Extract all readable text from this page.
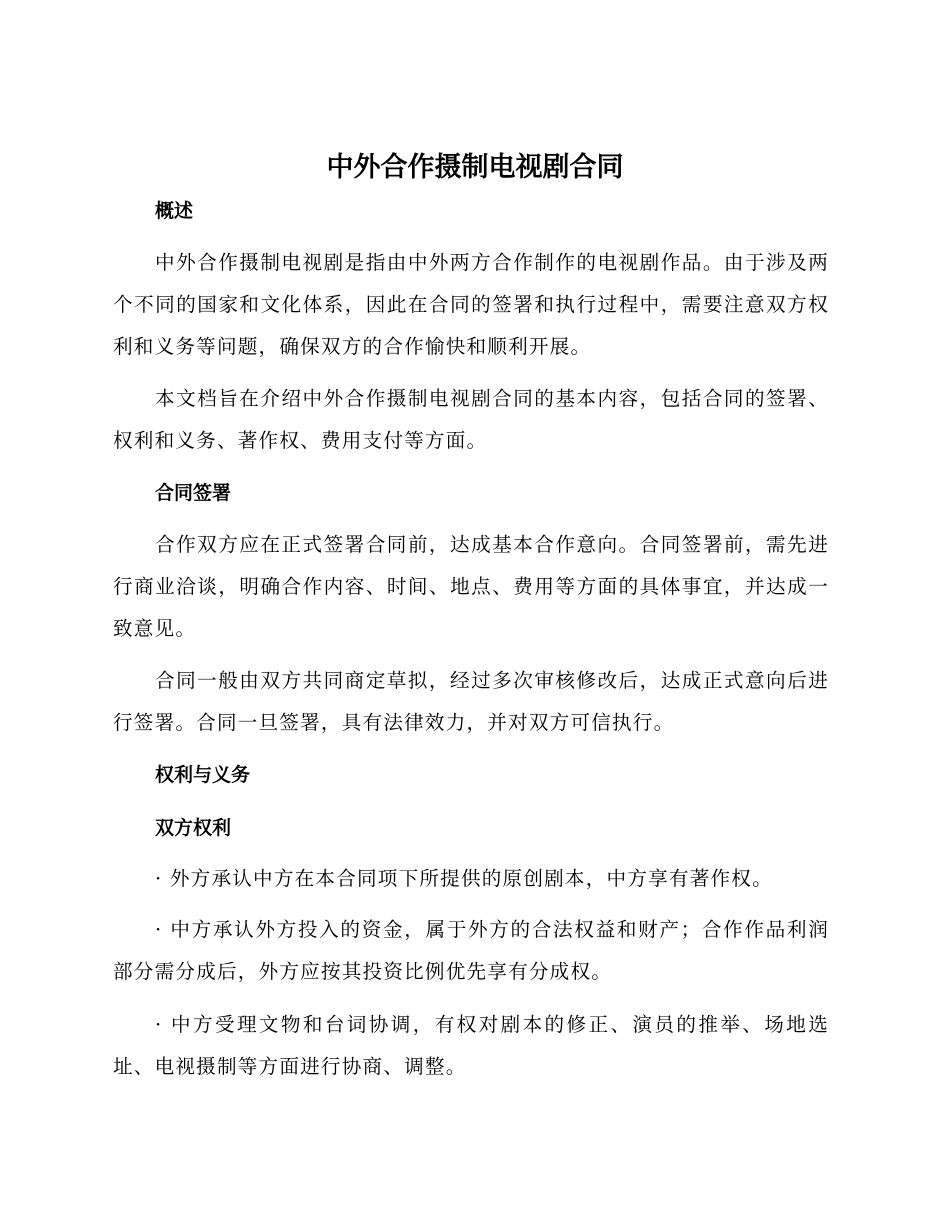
中外合作摄制电视剧合同
概述

中外合作摄制电视剧是指由中外两方合作制作的电视剧作品。由于涉及两个不同的国家和文化体系，因此在合同的签署和执行过程中，需要注意双方权利和义务等问题，确保双方的合作愉快和顺利开展。

本文档旨在介绍中外合作摄制电视剧合同的基本内容，包括合同的签署、权利和义务、著作权、费用支付等方面。

合同签署

合作双方应在正式签署合同前，达成基本合作意向。合同签署前，需先进行商业洽谈，明确合作内容、时间、地点、费用等方面的具体事宜，并达成一致意见。

合同一般由双方共同商定草拟，经过多次审核修改后，达成正式意向后进行签署。合同一旦签署，具有法律效力，并对双方可信执行。

权利与义务
双方权利

· 外方承认中方在本合同项下所提供的原创剧本，中方享有著作权。

· 中方承认外方投入的资金，属于外方的合法权益和财产；合作作品利润部分需分成后，外方应按其投资比例优先享有分成权。

· 中方受理文物和台词协调，有权对剧本的修正、演员的推举、场地选址、电视摄制等方面进行协商、调整。
